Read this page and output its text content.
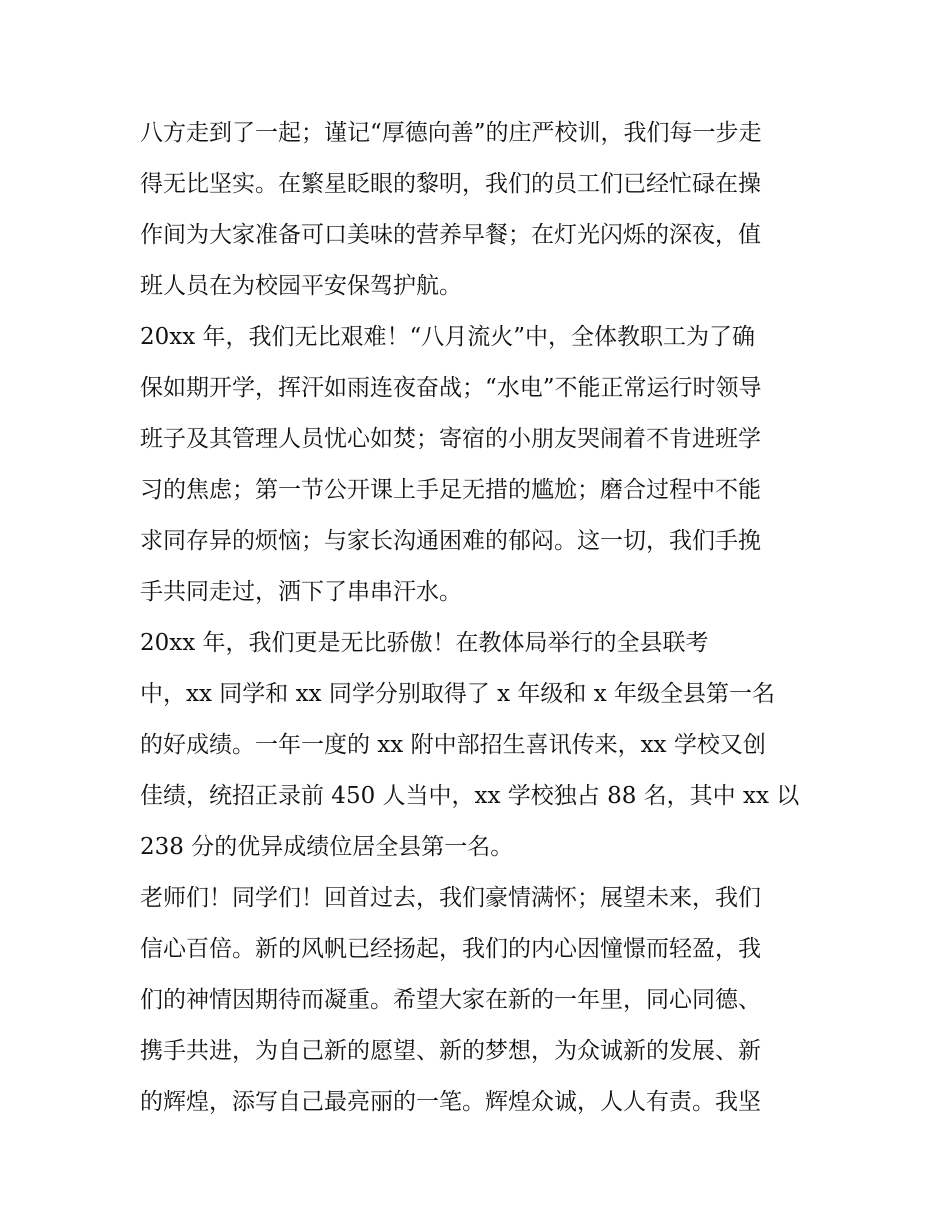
八方走到了一起；谨记“厚德向善”的庄严校训，我们每一步走
得无比坚实。在繁星眨眼的黎明，我们的员工们已经忙碌在操
作间为大家准备可口美味的营养早餐；在灯光闪烁的深夜，值
班人员在为校园平安保驾护航。
20xx 年，我们无比艰难！“八月流火”中，全体教职工为了确
保如期开学，挥汗如雨连夜奋战；“水电”不能正常运行时领导
班子及其管理人员忧心如焚；寄宿的小朋友哭闹着不肯进班学
习的焦虑；第一节公开课上手足无措的尴尬；磨合过程中不能
求同存异的烦恼；与家长沟通困难的郁闷。这一切，我们手挽
手共同走过，洒下了串串汗水。
20xx 年，我们更是无比骄傲！在教体局举行的全县联考
中，xx 同学和 xx 同学分别取得了 x 年级和 x 年级全县第一名
的好成绩。一年一度的 xx 附中部招生喜讯传来，xx 学校又创
佳绩，统招正录前 450 人当中，xx 学校独占 88 名，其中 xx 以
238 分的优异成绩位居全县第一名。
老师们！同学们！回首过去，我们豪情满怀；展望未来，我们
信心百倍。新的风帆已经扬起，我们的内心因憧憬而轻盈，我
们的神情因期待而凝重。希望大家在新的一年里，同心同德、
携手共进，为自己新的愿望、新的梦想，为众诚新的发展、新
的辉煌，添写自己最亮丽的一笔。辉煌众诚，人人有责。我坚
